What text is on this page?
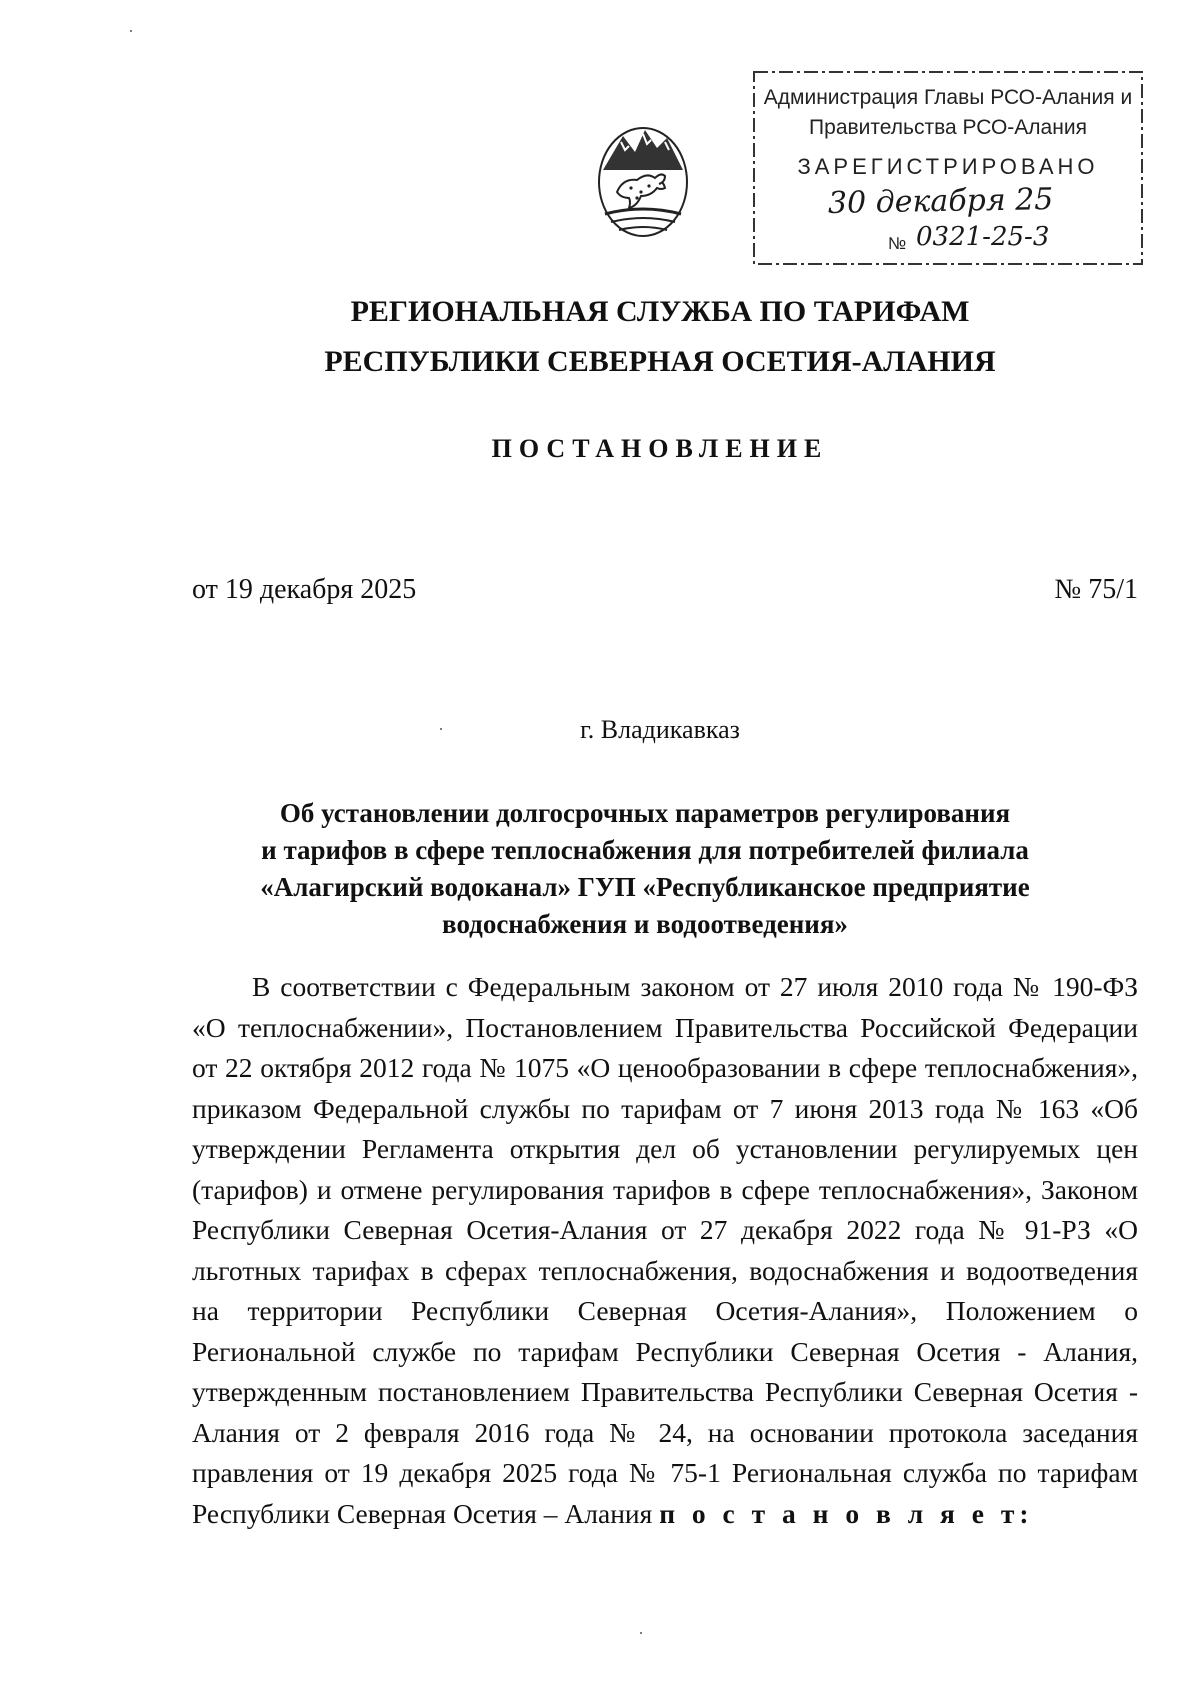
Администрация Главы РСО-Алания и
Правительства РСО-Алания
ЗАРЕГИСТРИРОВАНО
30 декабря 25
№ 0321-25-3
РЕГИОНАЛЬНАЯ СЛУЖБА ПО ТАРИФАМ
РЕСПУБЛИКИ СЕВЕРНАЯ ОСЕТИЯ-АЛАНИЯ
ПОСТАНОВЛЕНИЕ
от 19 декабря 2025	№ 75/1
г. Владикавказ
Об установлении долгосрочных параметров регулирования
и тарифов в сфере теплоснабжения для потребителей филиала
«Алагирский водоканал» ГУП «Республиканское предприятие
водоснабжения и водоотведения»

В соответствии с Федеральным законом от 27 июля 2010 года № 190-ФЗ «О теплоснабжении», Постановлением Правительства Российской Федерации от 22 октября 2012 года № 1075 «О ценообразовании в сфере теплоснабжения», приказом Федеральной службы по тарифам от 7 июня 2013 года № 163 «Об утверждении Регламента открытия дел об установлении регулируемых цен (тарифов) и отмене регулирования тарифов в сфере теплоснабжения», Законом Республики Северная Осетия-Алания от 27 декабря 2022 года № 91-РЗ «О льготных тарифах в сферах теплоснабжения, водоснабжения и водоотведения на территории Республики Северная Осетия-Алания», Положением о Региональной службе по тарифам Республики Северная Осетия - Алания, утвержденным постановлением Правительства Республики Северная Осетия - Алания от 2 февраля 2016 года № 24, на основании протокола заседания правления от 19 декабря 2025 года № 75-1 Региональная служба по тарифам Республики Северная Осетия – Алания п о с т а н о в л я е т:
